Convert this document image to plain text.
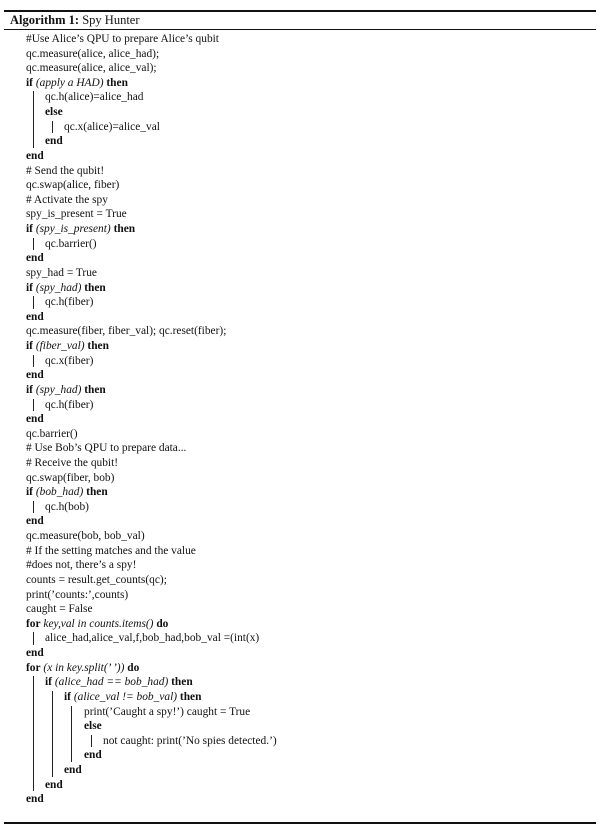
Algorithm 1: Spy Hunter
#Use Alice’s QPU to prepare Alice’s qubit
qc.measure(alice, alice_had);
qc.measure(alice, alice_val);
if (apply a HAD) then
qc.h(alice)=alice_had
else
qc.x(alice)=alice_val
end
end
# Send the qubit!
qc.swap(alice, fiber)
# Activate the spy
spy_is_present = True
if (spy_is_present) then
qc.barrier()
end
spy_had = True
if (spy_had) then
qc.h(fiber)
end
qc.measure(fiber, fiber_val); qc.reset(fiber);
if (fiber_val) then
qc.x(fiber)
end
if (spy_had) then
qc.h(fiber)
end
qc.barrier()
# Use Bob’s QPU to prepare data...
# Receive the qubit!
qc.swap(fiber, bob)
if (bob_had) then
qc.h(bob)
end
qc.measure(bob, bob_val)
# If the setting matches and the value
#does not, there’s a spy!
counts = result.get_counts(qc);
print(’counts:’,counts)
caught = False
for key,val in counts.items() do
alice_had,alice_val,f,bob_had,bob_val =(int(x)
end
for (x in key.split(’ ’)) do
if (alice_had == bob_had) then
if (alice_val != bob_val) then
print(’Caught a spy!’) caught = True
else
not caught: print(’No spies detected.’)
end
end
end
end
